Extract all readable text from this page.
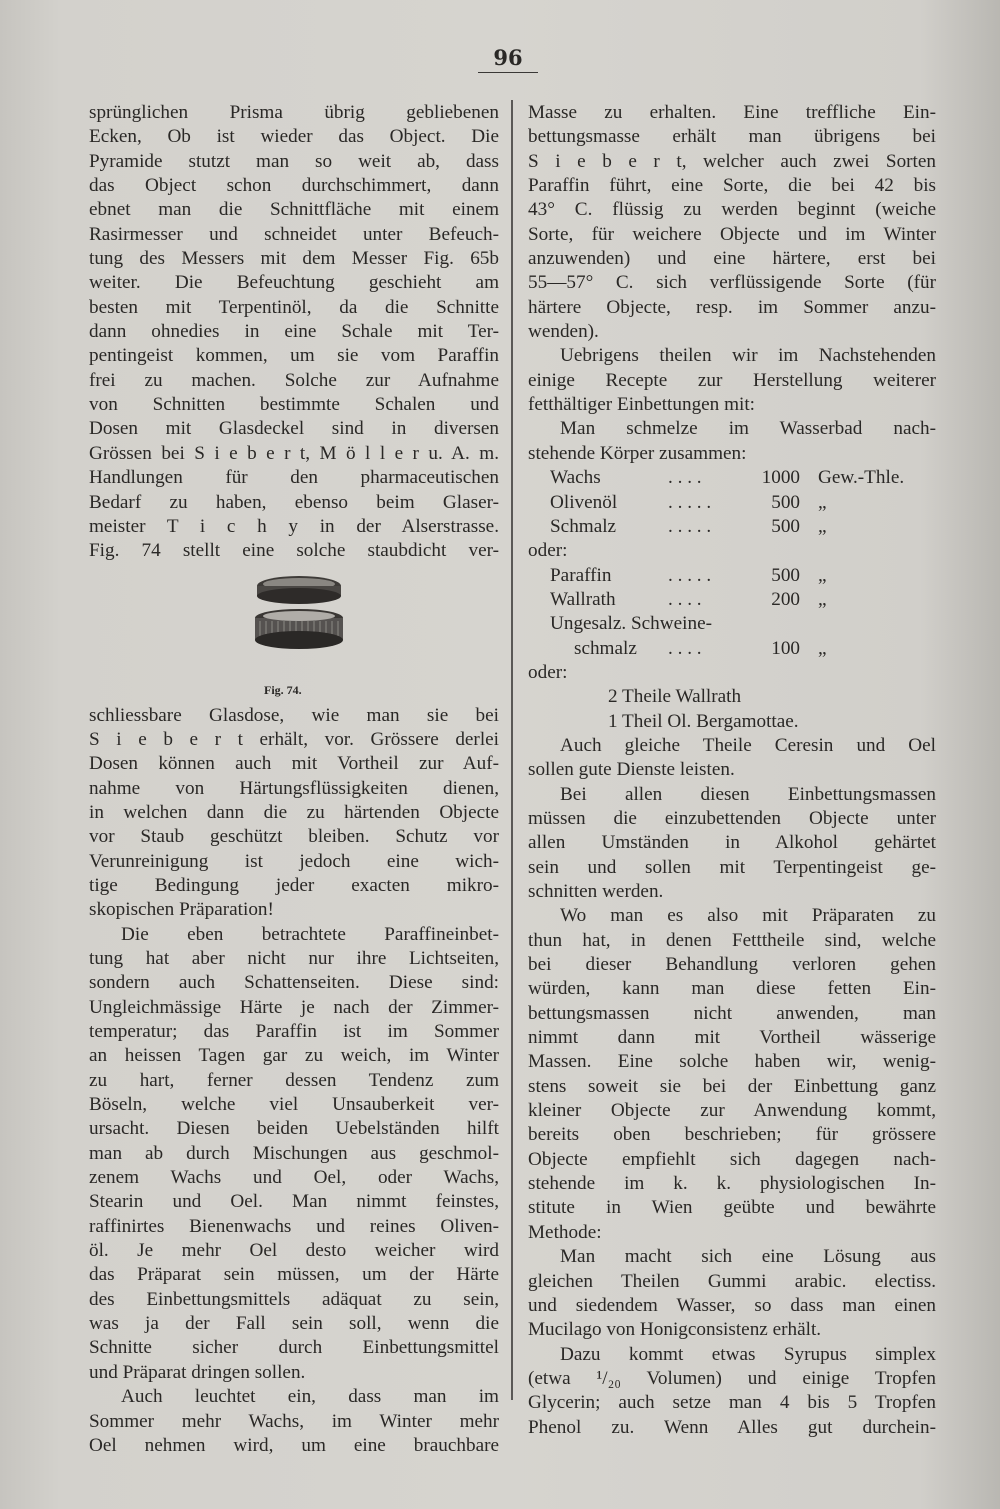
96
sprünglichen Prisma übrig gebliebenen
Ecken, Ob ist wieder das Object. Die
Pyramide stutzt man so weit ab, dass
das Object schon durchschimmert, dann
ebnet man die Schnittfläche mit einem
Rasirmesser und schneidet unter Befeuch-
tung des Messers mit dem Messer Fig. 65b
weiter. Die Befeuchtung geschieht am
besten mit Terpentinöl, da die Schnitte
dann ohnedies in eine Schale mit Ter-
pentingeist kommen, um sie vom Paraffin
frei zu machen. Solche zur Aufnahme
von Schnitten bestimmte Schalen und
Dosen mit Glasdeckel sind in diversen
Grössen bei S i e b e r t, M ö l l e r u. A. m.
Handlungen für den pharmaceutischen
Bedarf zu haben, ebenso beim Glaser-
meister T i c h y in der Alserstrasse.
Fig. 74 stellt eine solche staubdicht ver-
Fig. 74.
schliessbare Glasdose, wie man sie bei
S i e b e r t erhält, vor. Grössere derlei
Dosen können auch mit Vortheil zur Auf-
nahme von Härtungsflüssigkeiten dienen,
in welchen dann die zu härtenden Objecte
vor Staub geschützt bleiben. Schutz vor
Verunreinigung ist jedoch eine wich-
tige Bedingung jeder exacten mikro-
skopischen Präparation!
Die eben betrachtete Paraffineinbet-
tung hat aber nicht nur ihre Lichtseiten,
sondern auch Schattenseiten. Diese sind:
Ungleichmässige Härte je nach der Zimmer-
temperatur; das Paraffin ist im Sommer
an heissen Tagen gar zu weich, im Winter
zu hart, ferner dessen Tendenz zum
Böseln, welche viel Unsauberkeit ver-
ursacht. Diesen beiden Uebelständen hilft
man ab durch Mischungen aus geschmol-
zenem Wachs und Oel, oder Wachs,
Stearin und Oel. Man nimmt feinstes,
raffinirtes Bienenwachs und reines Oliven-
öl. Je mehr Oel desto weicher wird
das Präparat sein müssen, um der Härte
des Einbettungsmittels adäquat zu sein,
was ja der Fall sein soll, wenn die
Schnitte sicher durch Einbettungsmittel
und Präparat dringen sollen.
Auch leuchtet ein, dass man im
Sommer mehr Wachs, im Winter mehr
Oel nehmen wird, um eine brauchbare
Masse zu erhalten. Eine treffliche Ein-
bettungsmasse erhält man übrigens bei
S i e b e r t, welcher auch zwei Sorten
Paraffin führt, eine Sorte, die bei 42 bis
43° C. flüssig zu werden beginnt (weiche
Sorte, für weichere Objecte und im Winter
anzuwenden) und eine härtere, erst bei
55—57° C. sich verflüssigende Sorte (für
härtere Objecte, resp. im Sommer anzu-
wenden).
Uebrigens theilen wir im Nachstehenden
einige Recepte zur Herstellung weiterer
fetthältiger Einbettungen mit:
Man schmelze im Wasserbad nach-
stehende Körper zusammen:
Wachs	. . . .	1000 Gew.-Thle.
Olivenöl	. . . . .	500 „
Schmalz	. . . . .	500 „
oder:
Paraffin	. . . . .	500 „
Wallrath	. . . .	200 „
Ungesalz. Schweine-
schmalz . . . .	100 „
oder:
2 Theile Wallrath
1 Theil Ol. Bergamottae.
Auch gleiche Theile Ceresin und Oel
sollen gute Dienste leisten.
Bei allen diesen Einbettungsmassen
müssen die einzubettenden Objecte unter
allen Umständen in Alkohol gehärtet
sein und sollen mit Terpentingeist ge-
schnitten werden.
Wo man es also mit Präparaten zu
thun hat, in denen Fetttheile sind, welche
bei dieser Behandlung verloren gehen
würden, kann man diese fetten Ein-
bettungsmassen nicht anwenden, man
nimmt dann mit Vortheil wässerige
Massen. Eine solche haben wir, wenig-
stens soweit sie bei der Einbettung ganz
kleiner Objecte zur Anwendung kommt,
bereits oben beschrieben; für grössere
Objecte empfiehlt sich dagegen nach-
stehende im k. k. physiologischen In-
stitute in Wien geübte und bewährte
Methode:
Man macht sich eine Lösung aus
gleichen Theilen Gummi arabic. electiss.
und siedendem Wasser, so dass man einen
Mucilago von Honigconsistenz erhält.
Dazu kommt etwas Syrupus simplex
(etwa ¹/₂₀ Volumen) und einige Tropfen
Glycerin; auch setze man 4 bis 5 Tropfen
Phenol zu. Wenn Alles gut durchein-
